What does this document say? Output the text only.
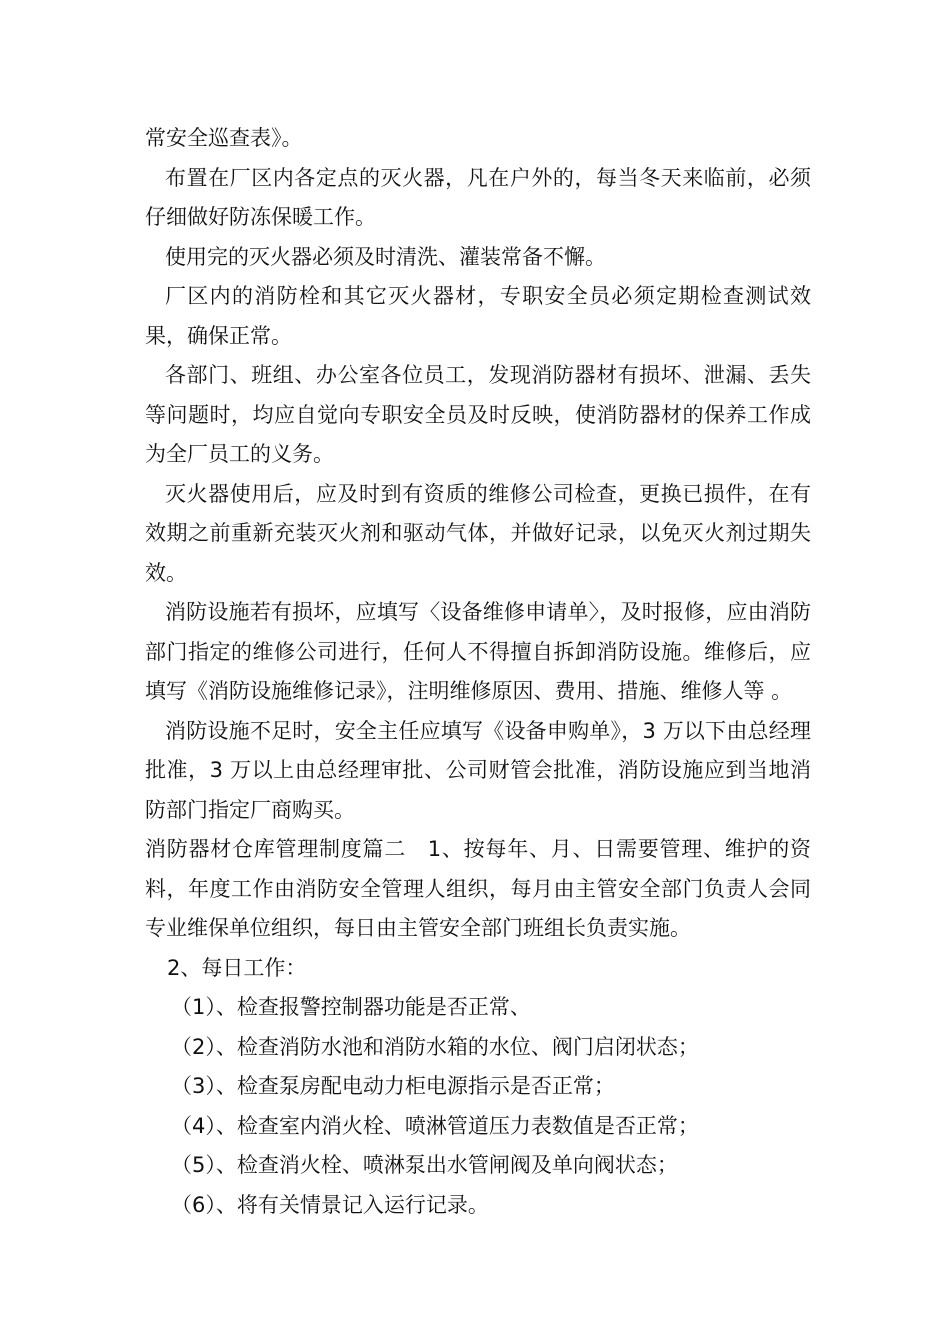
常安全巡查表》。

布置在厂区内各定点的灭火器，凡在户外的，每当冬天来临前，必须仔细做好防冻保暖工作。

使用完的灭火器必须及时清洗、灌装常备不懈。

厂区内的消防栓和其它灭火器材，专职安全员必须定期检查测试效果，确保正常。

各部门、班组、办公室各位员工，发现消防器材有损坏、泄漏、丢失等问题时，均应自觉向专职安全员及时反映，使消防器材的保养工作成为全厂员工的义务。

灭火器使用后，应及时到有资质的维修公司检查，更换已损件，在有效期之前重新充装灭火剂和驱动气体，并做好记录，以免灭火剂过期失效。

消防设施若有损坏，应填写〈设备维修申请单〉，及时报修，应由消防部门指定的维修公司进行，任何人不得擅自拆卸消防设施。维修后，应填写《消防设施维修记录》，注明维修原因、费用、措施、维修人等 。

消防设施不足时，安全主任应填写《设备申购单》，3 万以下由总经理批准，3 万以上由总经理审批、公司财管会批准，消防设施应到当地消防部门指定厂商购买。

消防器材仓库管理制度篇二　1、按每年、月、日需要管理、维护的资料，年度工作由消防安全管理人组织，每月由主管安全部门负责人会同专业维保单位组织，每日由主管安全部门班组长负责实施。

2、每日工作：

（1）、检查报警控制器功能是否正常、

（2）、检查消防水池和消防水箱的水位、阀门启闭状态；

（3）、检查泵房配电动力柜电源指示是否正常；

（4）、检查室内消火栓、喷淋管道压力表数值是否正常；

（5）、检查消火栓、喷淋泵出水管闸阀及单向阀状态；

（6）、将有关情景记入运行记录。
